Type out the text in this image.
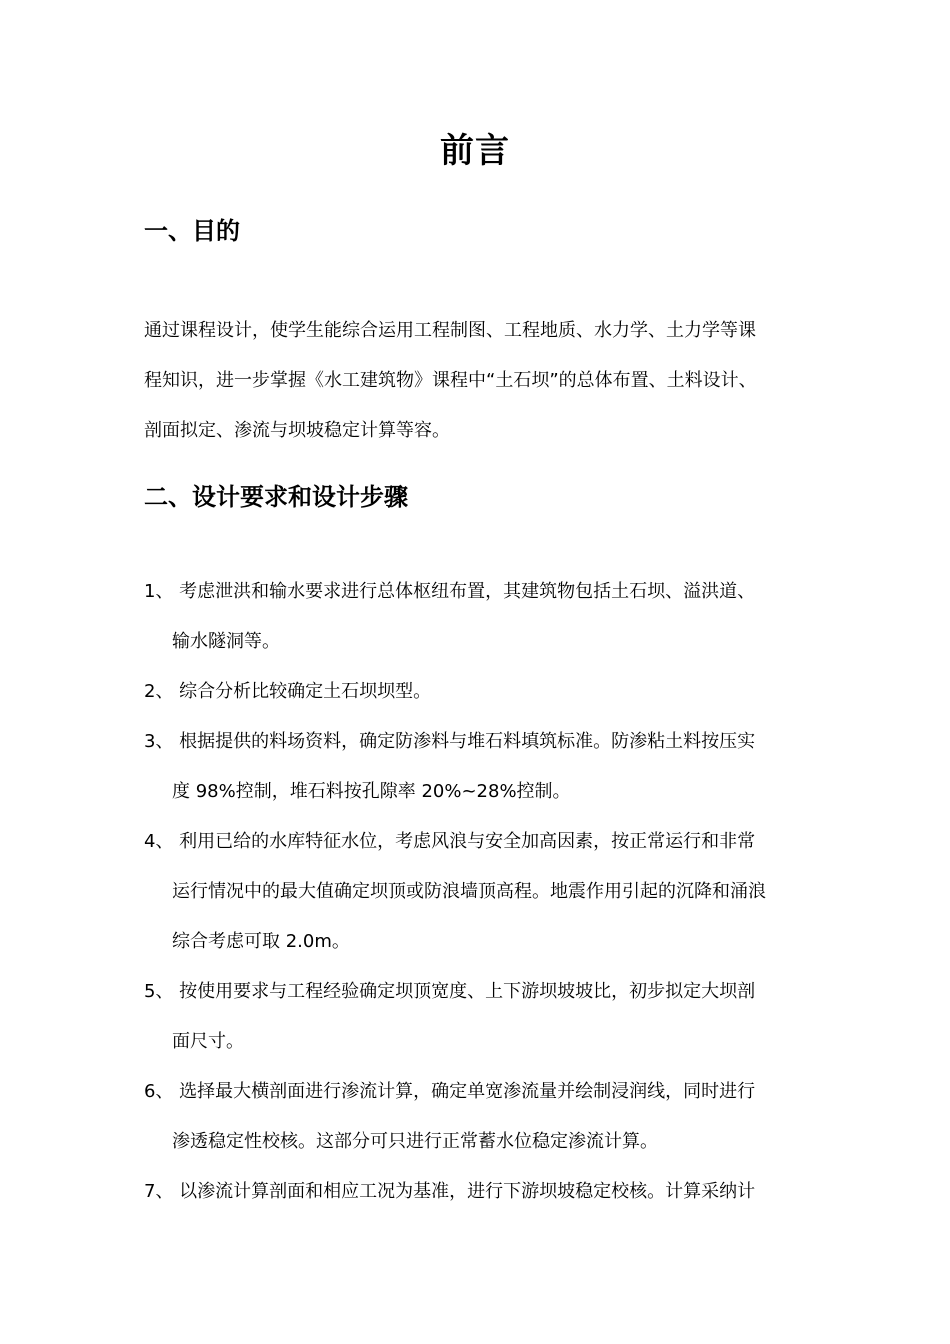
前言
一、目的
通过课程设计，使学生能综合运用工程制图、工程地质、水力学、土力学等课
程知识，进一步掌握《水工建筑物》课程中“土石坝”的总体布置、土料设计、
剖面拟定、渗流与坝坡稳定计算等容。
二、设计要求和设计步骤
1、 考虑泄洪和输水要求进行总体枢纽布置，其建筑物包括土石坝、溢洪道、
输水隧洞等。
2、 综合分析比较确定土石坝坝型。
3、 根据提供的料场资料，确定防渗料与堆石料填筑标准。防渗粘土料按压实
度 98%控制，堆石料按孔隙率 20%~28%控制。
4、 利用已给的水库特征水位，考虑风浪与安全加高因素，按正常运行和非常
运行情况中的最大值确定坝顶或防浪墙顶高程。地震作用引起的沉降和涌浪
综合考虑可取 2.0m。
5、 按使用要求与工程经验确定坝顶宽度、上下游坝坡坡比，初步拟定大坝剖
面尺寸。
6、 选择最大横剖面进行渗流计算，确定单宽渗流量并绘制浸润线，同时进行
渗透稳定性校核。这部分可只进行正常蓄水位稳定渗流计算。
7、 以渗流计算剖面和相应工况为基准，进行下游坝坡稳定校核。计算采纳计
